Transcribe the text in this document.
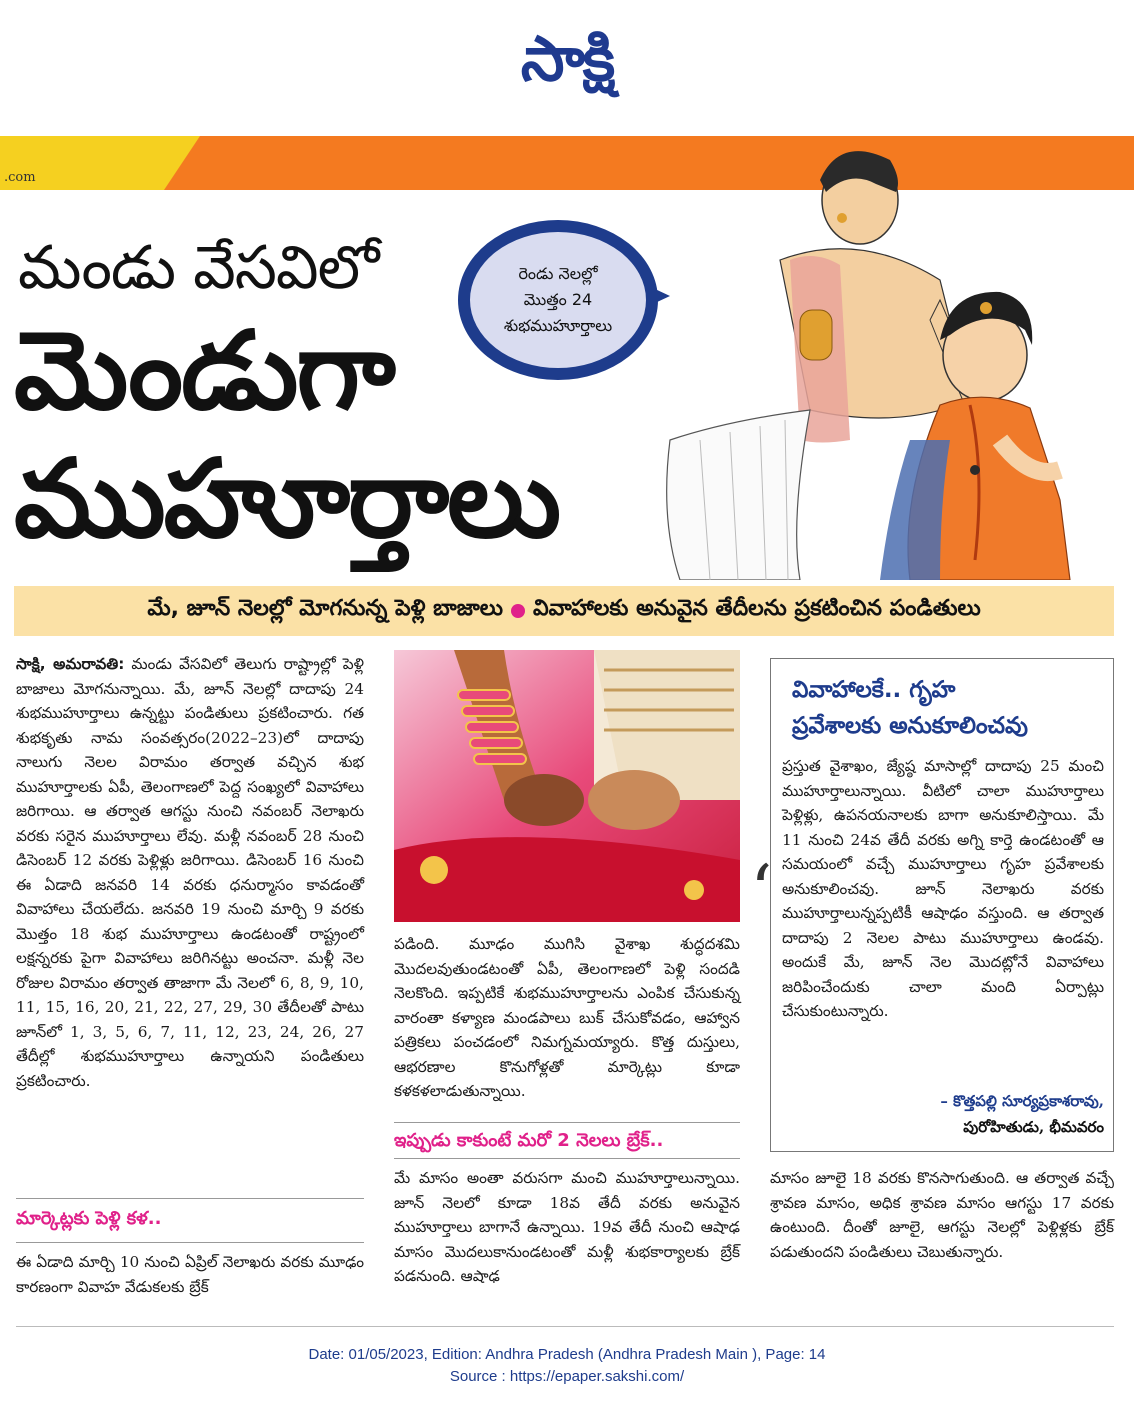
సాక్షి
.com
మండు వేసవిలో
మెండుగా
ముహూర్తాలు
రెండు నెలల్లో
మొత్తం 24
శుభముహూర్తాలు
మే, జూన్ నెలల్లో మోగనున్న పెళ్లి బాజాలు వివాహాలకు అనువైన తేదీలను ప్రకటించిన పండితులు
సాక్షి, అమరావతి: మండు వేసవిలో తెలుగు రాష్ట్రాల్లో పెళ్లి బాజాలు మోగనున్నాయి. మే, జూన్ నెలల్లో దాదాపు 24 శుభముహూర్తాలు ఉన్నట్టు పండితులు ప్రకటించారు. గత శుభకృతు నామ సంవత్సరం(2022–23)లో దాదాపు నాలుగు నెలల విరామం తర్వాత వచ్చిన శుభ ముహూర్తాలకు ఏపీ, తెలంగాణలో పెద్ద సంఖ్యలో వివాహాలు జరిగాయి. ఆ తర్వాత ఆగస్టు నుంచి నవంబర్ నెలాఖరు వరకు సరైన ముహూర్తాలు లేవు. మళ్లీ నవంబర్ 28 నుంచి డిసెంబర్ 12 వరకు పెళ్లిళ్లు జరిగాయి. డిసెంబర్ 16 నుంచి ఈ ఏడాది జనవరి 14 వరకు ధనుర్మాసం కావడంతో వివాహాలు చేయలేదు. జనవరి 19 నుంచి మార్చి 9 వరకు మొత్తం 18 శుభ ముహూర్తాలు ఉండటంతో రాష్ట్రంలో లక్షన్నరకు పైగా వివాహాలు జరిగినట్టు అంచనా. మళ్లీ నెల రోజుల విరామం తర్వాత తాజాగా మే నెలలో 6, 8, 9, 10, 11, 15, 16, 20, 21, 22, 27, 29, 30 తేదీలతో పాటు జూన్‌లో 1, 3, 5, 6, 7, 11, 12, 23, 24, 26, 27 తేదీల్లో శుభముహూర్తాలు ఉన్నాయని పండితులు ప్రకటించారు.
మార్కెట్లకు పెళ్లి కళ..
ఈ ఏడాది మార్చి 10 నుంచి ఏప్రిల్ నెలాఖరు వరకు మూఢం కారణంగా వివాహ వేడుకలకు బ్రేక్
పడింది. మూఢం ముగిసి వైశాఖ శుద్ధదశమి మొదలవుతుండటంతో ఏపీ, తెలంగాణలో పెళ్లి సందడి నెలకొంది. ఇప్పటికే శుభముహూర్తాలను ఎంపిక చేసుకున్న వారంతా కళ్యాణ మండపాలు బుక్ చేసుకోవడం, ఆహ్వాన పత్రికలు పంచడంలో నిమగ్నమయ్యారు. కొత్త దుస్తులు, ఆభరణాల కొనుగోళ్లతో మార్కెట్లు కూడా కళకళలాడుతున్నాయి.
ఇప్పుడు కాకుంటే మరో 2 నెలలు బ్రేక్..
మే మాసం అంతా వరుసగా మంచి ముహూర్తాలున్నాయి. జూన్ నెలలో కూడా 18వ తేదీ వరకు అనువైన ముహూర్తాలు బాగానే ఉన్నాయి. 19వ తేదీ నుంచి ఆషాఢ మాసం మొదలుకానుండటంతో మళ్లీ శుభకార్యాలకు బ్రేక్ పడనుంది. ఆషాఢ
వివాహాలకే.. గృహ
ప్రవేశాలకు అనుకూలించవు
‘
ప్రస్తుత వైశాఖం, జ్యేష్ఠ మాసాల్లో దాదాపు 25 మంచి ముహూర్తాలున్నాయి. వీటిలో చాలా ముహూర్తాలు పెళ్లిళ్లు, ఉపనయనాలకు బాగా అనుకూలిస్తాయి. మే 11 నుంచి 24వ తేదీ వరకు అగ్ని కార్తె ఉండటంతో ఆ సమయంలో వచ్చే ముహూర్తాలు గృహ ప్రవేశాలకు అనుకూలించవు. జూన్ నెలాఖరు వరకు ముహూర్తాలున్నప్పటికీ ఆషాఢం వస్తుంది. ఆ తర్వాత దాదాపు 2 నెలల పాటు ముహూర్తాలు ఉండవు. అందుకే మే, జూన్ నెల మొదట్లోనే వివాహాలు జరిపించేందుకు చాలా మంది ఏర్పాట్లు చేసుకుంటున్నారు.
– కొత్తపల్లి సూర్యప్రకాశరావు,
పురోహితుడు, భీమవరం
మాసం జూలై 18 వరకు కొనసాగుతుంది. ఆ తర్వాత వచ్చే శ్రావణ మాసం, అధిక శ్రావణ మాసం ఆగస్టు 17 వరకు ఉంటుంది. దీంతో జూలై, ఆగస్టు నెలల్లో పెళ్లిళ్లకు బ్రేక్ పడుతుందని పండితులు చెబుతున్నారు.
Date: 01/05/2023, Edition: Andhra Pradesh (Andhra Pradesh Main ), Page: 14
Source : https://epaper.sakshi.com/
